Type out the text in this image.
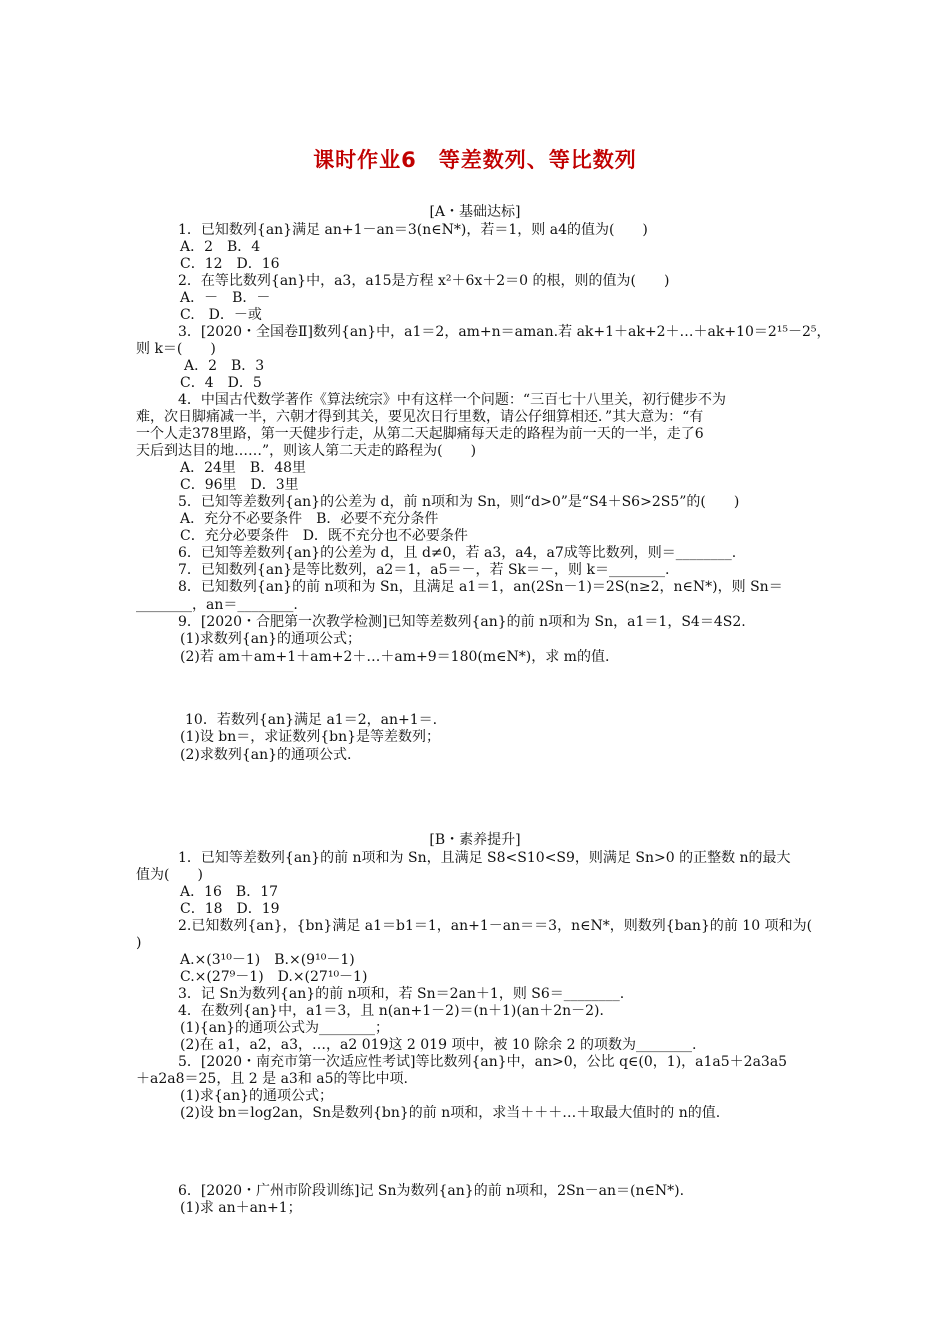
课时作业6　等差数列、等比数列
[A・基础达标]
[B・素养提升]
1．已知数列{an}满足 an+1－an＝3(n∈N*)，若＝1，则 a4的值为(　　)
A．2　B．4
C．12　D．16
2．在等比数列{an}中，a3，a15是方程 x²＋6x＋2＝0 的根，则的值为(　　)
A．－　B．－
C.　D．－或
3．[2020・全国卷Ⅱ]数列{an}中，a1＝2，am+n＝aman.若 ak+1＋ak+2＋…＋ak+10＝2¹⁵－2⁵，
则 k＝(　　)
A．2　B．3
C．4　D．5
4．中国古代数学著作《算法统宗》中有这样一个问题：“三百七十八里关，初行健步不为
难，次日脚痛减一半，六朝才得到其关，要见次日行里数，请公仔细算相还．”其大意为：“有
一个人走378里路，第一天健步行走，从第二天起脚痛每天走的路程为前一天的一半，走了6
天后到达目的地……”，则该人第二天走的路程为(　　)
A．24里　B．48里
C．96里　D．3里
5．已知等差数列{an}的公差为 d，前 n项和为 Sn，则“d>0”是“S4＋S6>2S5”的(　　)
A．充分不必要条件　B．必要不充分条件
C．充分必要条件　D．既不充分也不必要条件
6．已知等差数列{an}的公差为 d，且 d≠0，若 a3，a4，a7成等比数列，则＝________.
7．已知数列{an}是等比数列，a2＝1，a5＝－，若 Sk＝－，则 k＝________.
8．已知数列{an}的前 n项和为 Sn，且满足 a1＝1，an(2Sn－1)＝2S(n≥2，n∈N*)，则 Sn＝
________，an＝________.
9．[2020・合肥第一次教学检测]已知等差数列{an}的前 n项和为 Sn，a1＝1，S4＝4S2.
(1)求数列{an}的通项公式；
(2)若 am＋am+1＋am+2＋…＋am+9＝180(m∈N*)，求 m的值.
10．若数列{an}满足 a1＝2，an+1＝.
(1)设 bn＝，求证数列{bn}是等差数列；
(2)求数列{an}的通项公式.
1．已知等差数列{an}的前 n项和为 Sn，且满足 S8<S10<S9，则满足 Sn>0 的正整数 n的最大
值为(　　)
A．16　B．17
C．18　D．19
2.已知数列{an}，{bn}满足 a1＝b1＝1，an+1－an＝＝3，n∈N*，则数列{ban}的前 10 项和为(
)
A.×(3¹⁰－1)　B.×(9¹⁰－1)
C.×(27⁹－1)　D.×(27¹⁰－1)
3．记 Sn为数列{an}的前 n项和，若 Sn＝2an＋1，则 S6＝________.
4．在数列{an}中，a1＝3，且 n(an+1－2)＝(n＋1)(an＋2n－2)．
(1){an}的通项公式为________；
(2)在 a1，a2，a3，…，a2 019这 2 019 项中，被 10 除余 2 的项数为________.
5．[2020・南充市第一次适应性考试]等比数列{an}中，an>0，公比 q∈(0，1)，a1a5＋2a3a5
＋a2a8＝25，且 2 是 a3和 a5的等比中项.
(1)求{an}的通项公式；
(2)设 bn＝log2an，Sn是数列{bn}的前 n项和，求当＋＋＋…＋取最大值时的 n的值.
6．[2020・广州市阶段训练]记 Sn为数列{an}的前 n项和，2Sn－an＝(n∈N*).
(1)求 an＋an+1；
